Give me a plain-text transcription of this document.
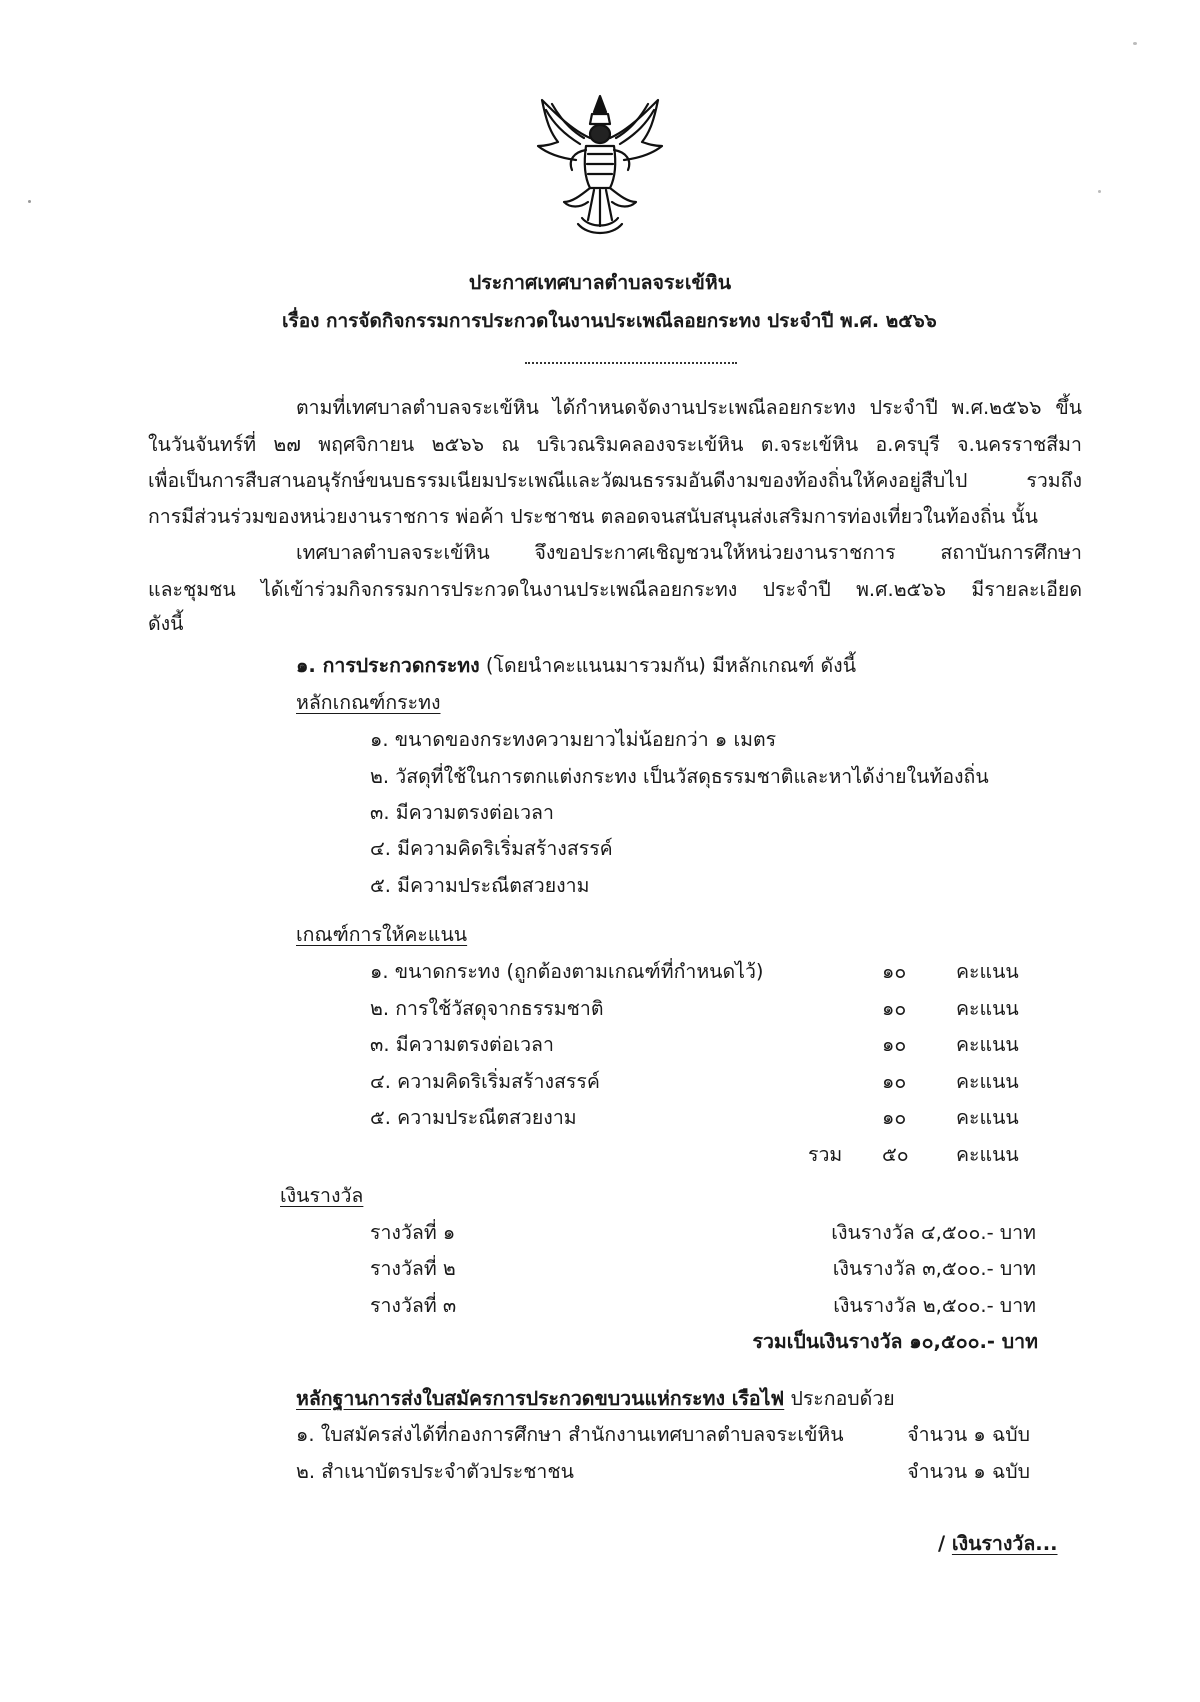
ประกาศเทศบาลตำบลจระเข้หิน
เรื่อง การจัดกิจกรรมการประกวดในงานประเพณีลอยกระทง ประจำปี พ.ศ. ๒๕๖๖
ตามที่เทศบาลตำบลจระเข้หิน ได้กำหนดจัดงานประเพณีลอยกระทง ประจำปี พ.ศ.๒๕๖๖ ขึ้น
ในวันจันทร์ที่ ๒๗ พฤศจิกายน ๒๕๖๖ ณ บริเวณริมคลองจระเข้หิน ต.จระเข้หิน อ.ครบุรี จ.นครราชสีมา
เพื่อเป็นการสืบสานอนุรักษ์ขนบธรรมเนียมประเพณีและวัฒนธรรมอันดีงามของท้องถิ่นให้คงอยู่สืบไป รวมถึง
การมีส่วนร่วมของหน่วยงานราชการ พ่อค้า ประชาชน ตลอดจนสนับสนุนส่งเสริมการท่องเที่ยวในท้องถิ่น นั้น
เทศบาลตำบลจระเข้หิน จึงขอประกาศเชิญชวนให้หน่วยงานราชการ สถาบันการศึกษา
และชุมชน ได้เข้าร่วมกิจกรรมการประกวดในงานประเพณีลอยกระทง ประจำปี พ.ศ.๒๕๖๖ มีรายละเอียด
ดังนี้
๑. การประกวดกระทง (โดยนำคะแนนมารวมกัน) มีหลักเกณฑ์ ดังนี้
หลักเกณฑ์กระทง
๑. ขนาดของกระทงความยาวไม่น้อยกว่า ๑ เมตร
๒. วัสดุที่ใช้ในการตกแต่งกระทง เป็นวัสดุธรรมชาติและหาได้ง่ายในท้องถิ่น
๓. มีความตรงต่อเวลา
๔. มีความคิดริเริ่มสร้างสรรค์
๕. มีความประณีตสวยงาม
เกณฑ์การให้คะแนน
๑. ขนาดกระทง (ถูกต้องตามเกณฑ์ที่กำหนดไว้)	๑๐	คะแนน
๒. การใช้วัสดุจากธรรมชาติ	๑๐	คะแนน
๓. มีความตรงต่อเวลา	๑๐	คะแนน
๔. ความคิดริเริ่มสร้างสรรค์	๑๐	คะแนน
๕. ความประณีตสวยงาม	๑๐	คะแนน
รวม ๕๐ คะแนน
เงินรางวัล
รางวัลที่ ๑	เงินรางวัล ๔,๕๐๐.- บาท
รางวัลที่ ๒	เงินรางวัล ๓,๕๐๐.- บาท
รางวัลที่ ๓	เงินรางวัล ๒,๕๐๐.- บาท
รวมเป็นเงินรางวัล ๑๐,๕๐๐.- บาท
หลักฐานการส่งใบสมัครการประกวดขบวนแห่กระทง เรือไฟ ประกอบด้วย
๑. ใบสมัครส่งได้ที่กองการศึกษา สำนักงานเทศบาลตำบลจระเข้หิน	จำนวน ๑ ฉบับ
๒. สำเนาบัตรประจำตัวประชาชน	จำนวน ๑ ฉบับ
/ เงินรางวัล...
